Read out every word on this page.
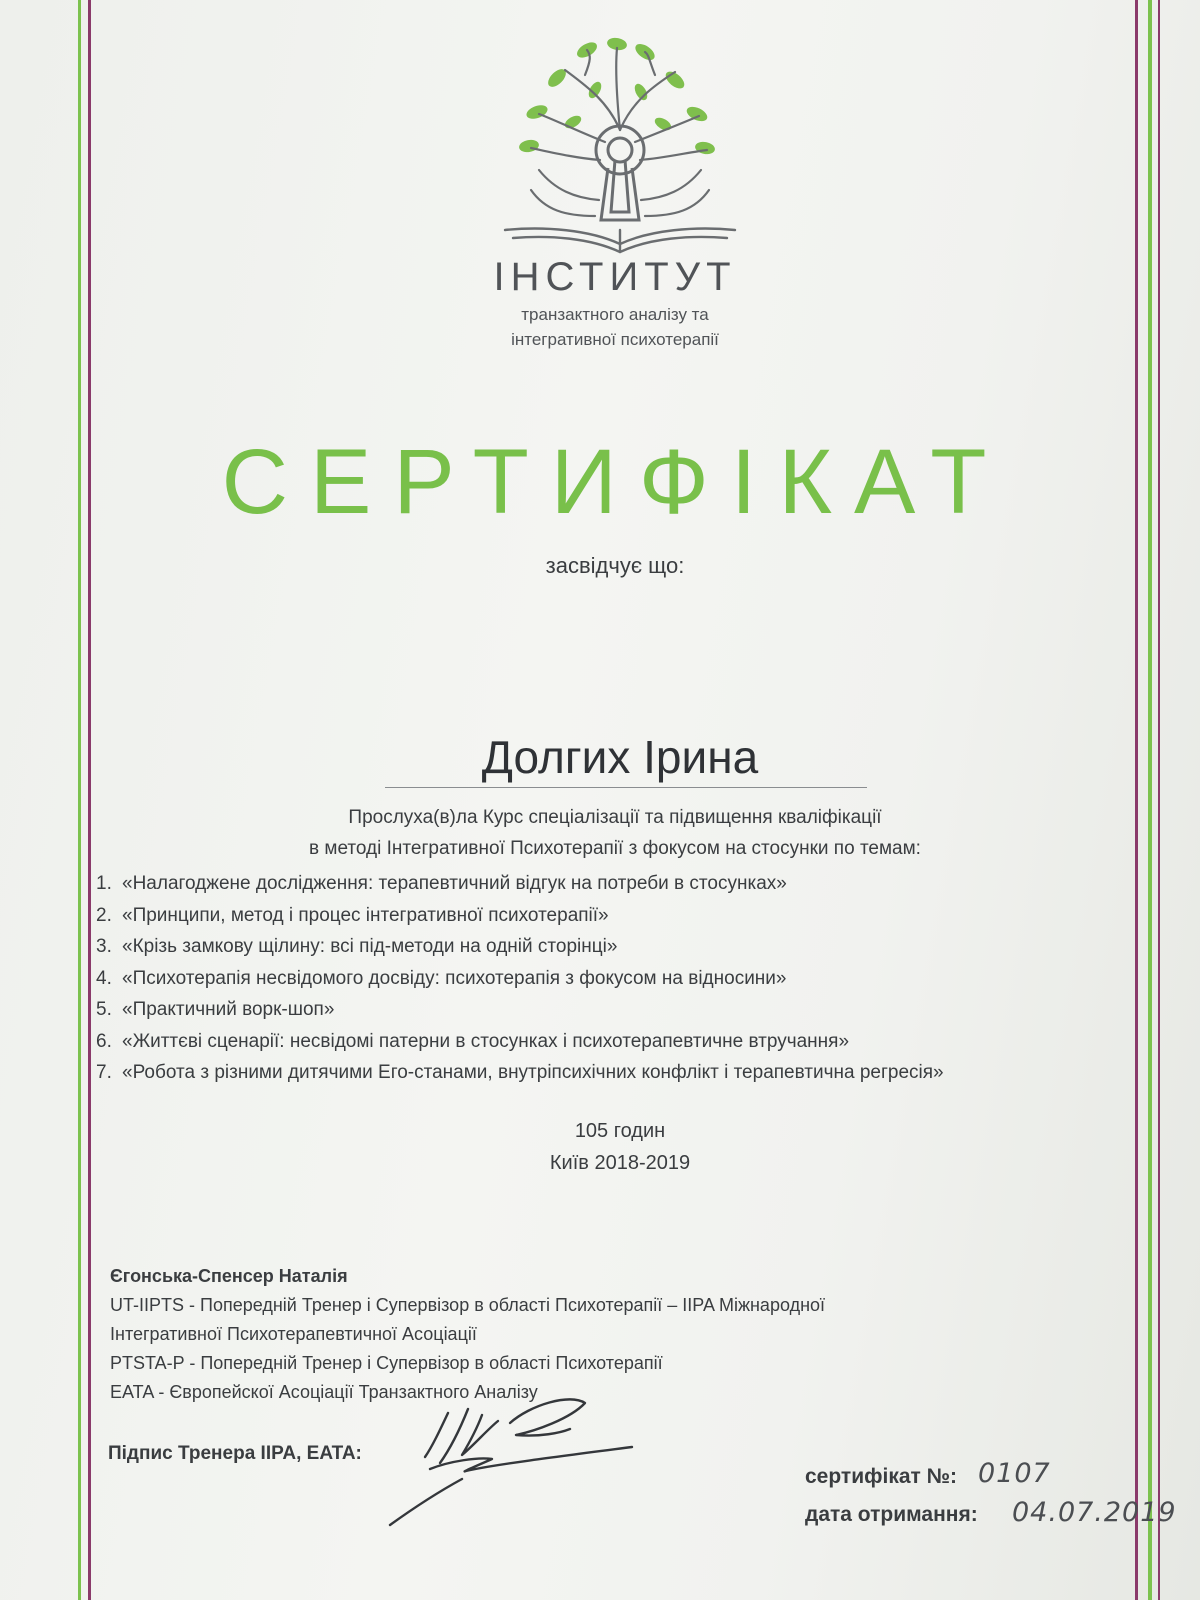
ІНСТИТУТ
транзактного аналізу та
інтегративної психотерапії
СЕРТИФІКАТ
засвідчує що:
Долгих Ірина
Прослуха(в)ла Курс спеціалізації та підвищення кваліфікації
в методі Інтегративної Психотерапії з фокусом на стосунки по темам:
1. «Налагоджене дослідження: терапевтичний відгук на потреби в стосунках»
2. «Принципи, метод і процес інтегративної психотерапії»
3. «Крізь замкову щілину: всі під-методи на одній сторінці»
4. «Психотерапія несвідомого досвіду: психотерапія з фокусом на відносини»
5. «Практичний ворк-шоп»
6. «Життєві сценарії: несвідомі патерни в стосунках і психотерапевтичне втручання»
7. «Робота з різними дитячими Его-станами, внутріпсихічних конфлікт і терапевтична регресія»
105 годин
Київ 2018-2019
Єгонська-Спенсер Наталія
UT-IIPTS - Попередній Тренер і Супервізор в області Психотерапії – IIPA Міжнародної
Інтегративної Психотерапевтичної Асоціації
PTSTA-P - Попередній Тренер і Супервізор в області Психотерапії
EATA - Європейскої Асоціації Транзактного Аналізу
Підпис Тренера IIPA, EATA:
сертифікат №: 0107
дата отримання: 04.07.2019
